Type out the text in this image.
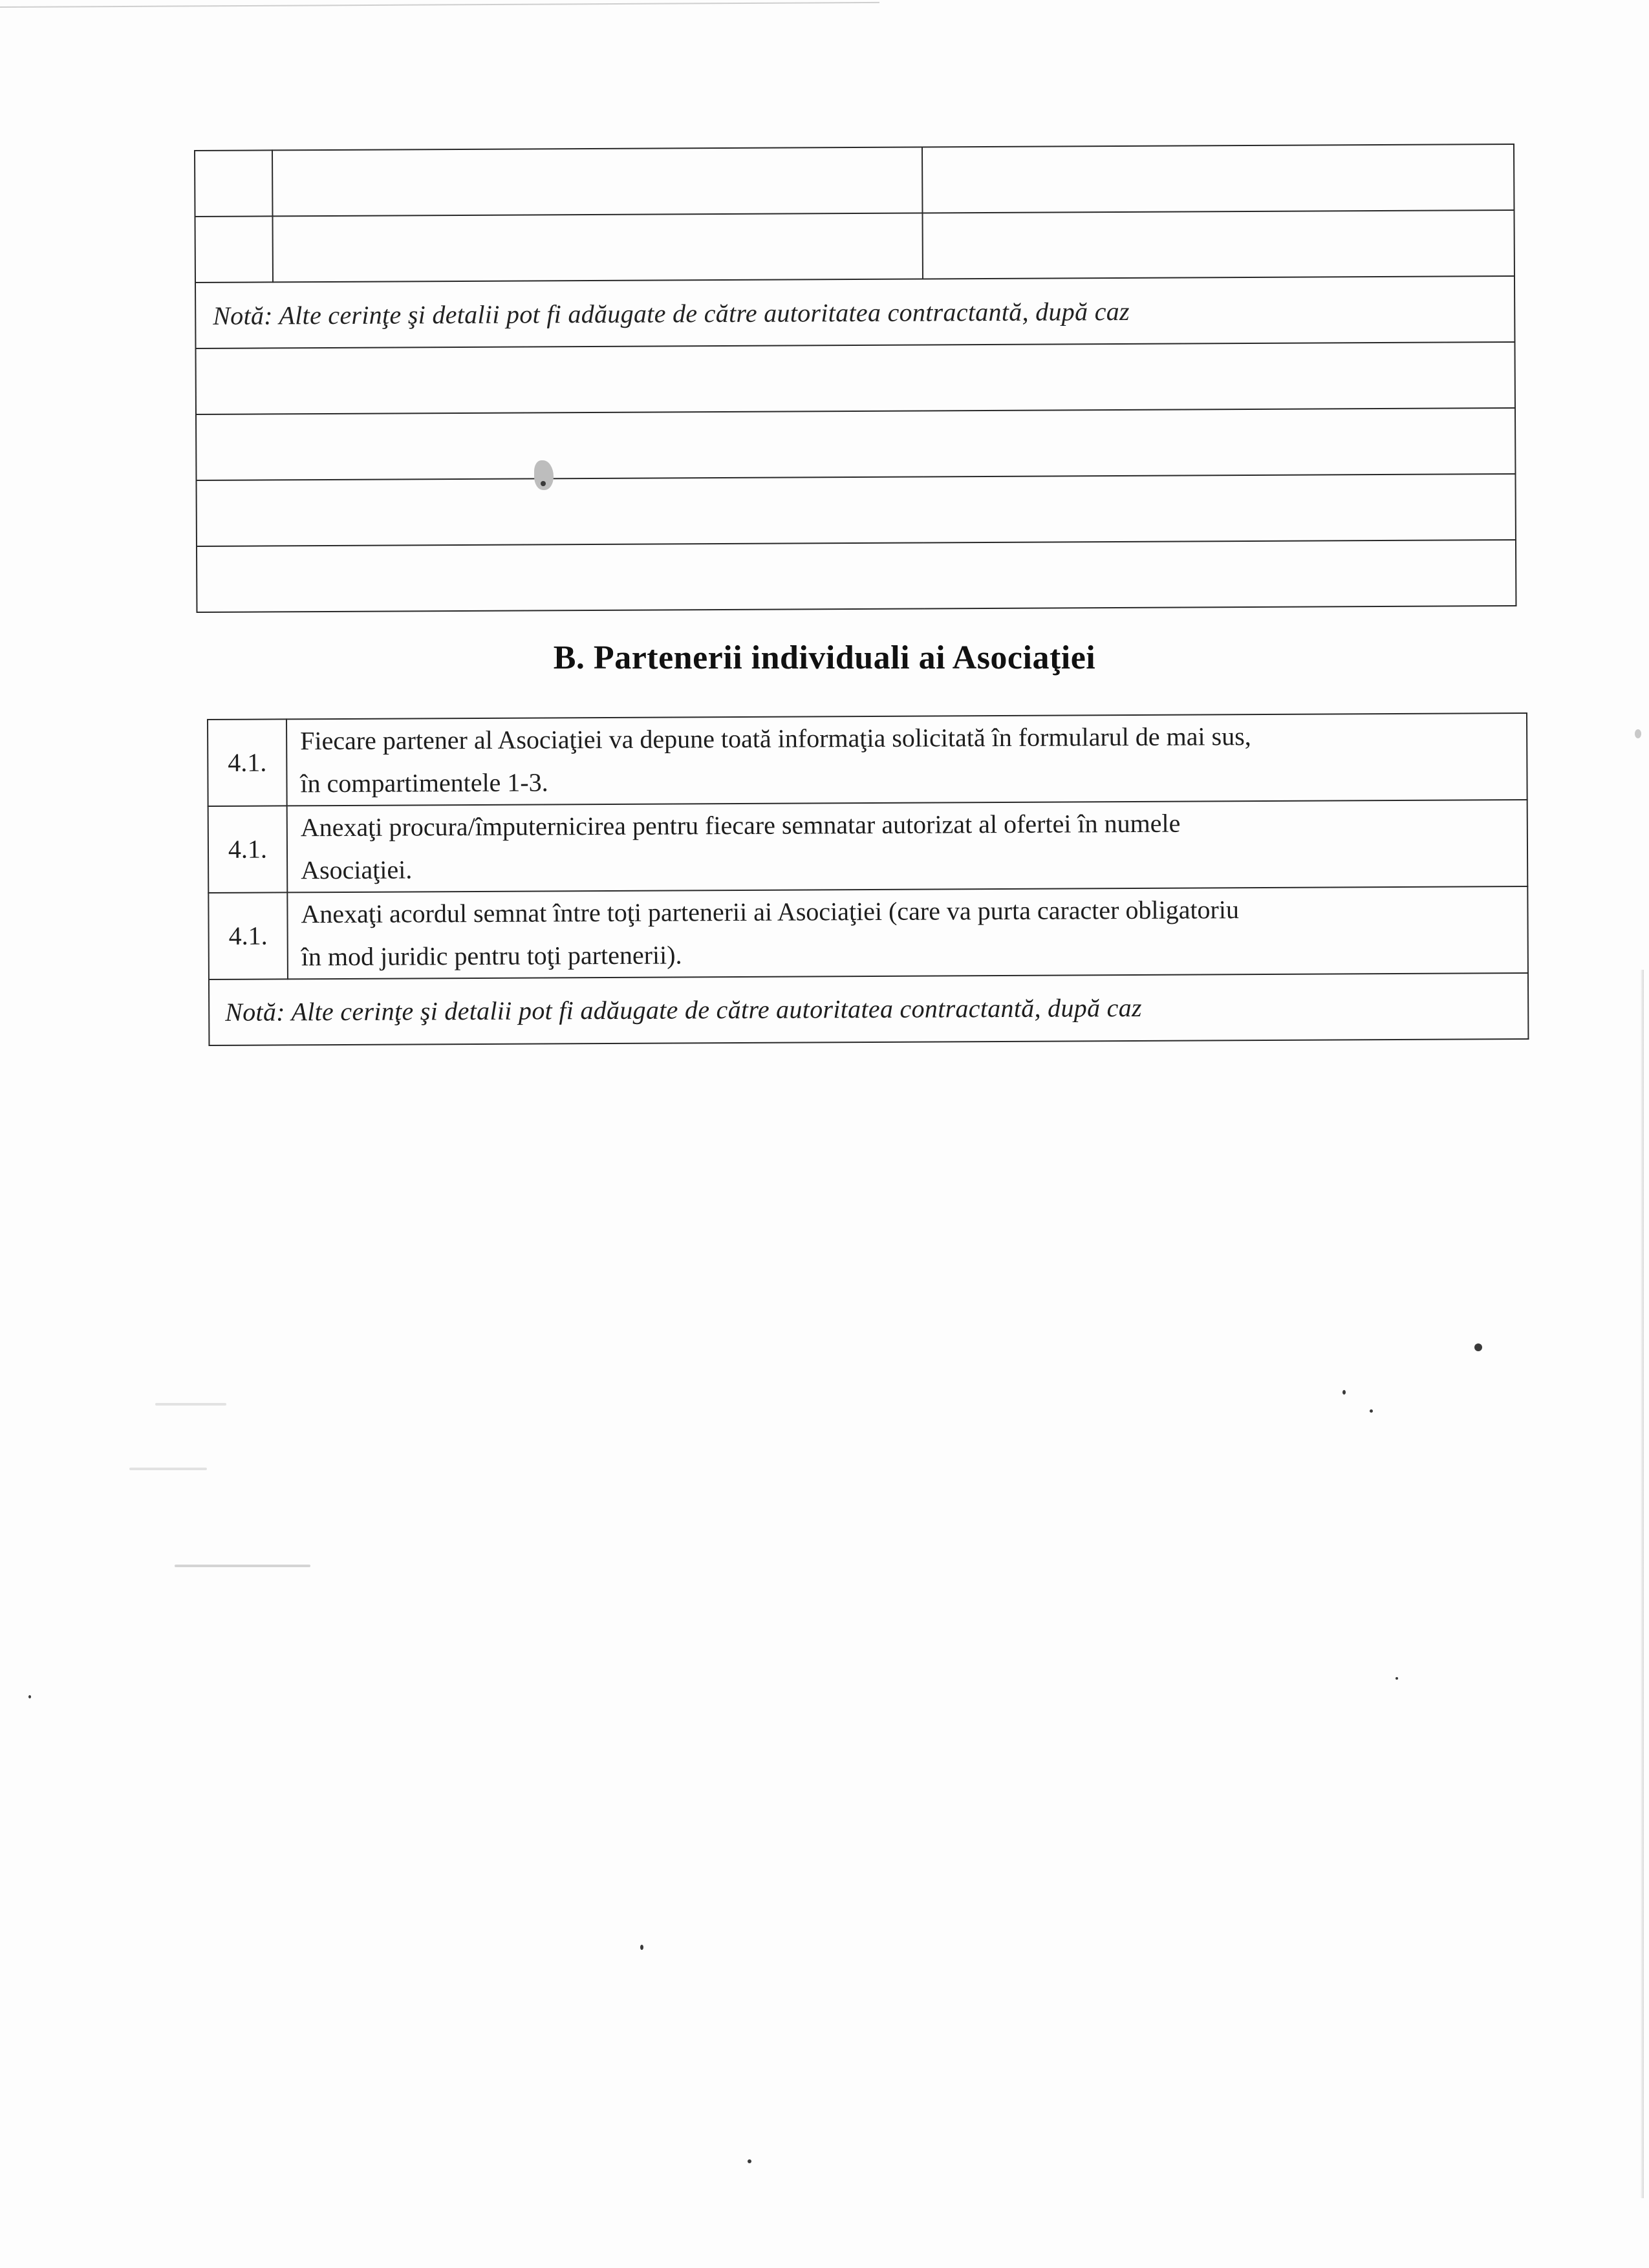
Notă: Alte cerinţe şi detalii pot fi adăugate de către autoritatea contractantă, după caz		

B. Partenerii individuali ai Asociaţiei
4.1.	Fiecare partener al Asociaţiei va depune toată informaţia solicitată în formularul de mai sus,
în compartimentele 1-3.

4.1.	Anexaţi procura/împuternicirea pentru fiecare semnatar autorizat al ofertei în numele
Asociaţiei.

4.1.	Anexaţi acordul semnat între toţi partenerii ai Asociaţiei (care va purta caracter obligatoriu
în mod juridic pentru toţi partenerii).

Notă: Alte cerinţe şi detalii pot fi adăugate de către autoritatea contractantă, după caz	
